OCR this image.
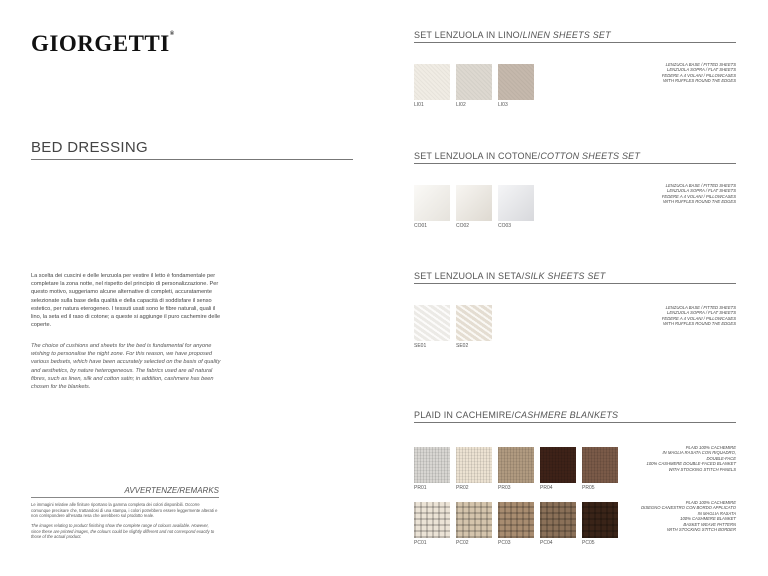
GIORGETTI®
BED DRESSING
La scelta dei cuscini e delle lenzuola per vestire il letto è fondamentale per completare la zona notte, nel rispetto del principio di personalizzazione. Per questo motivo, suggeriamo alcune alternative di completi, accuratamente selezionate sulla base della qualità e della capacità di soddisfare il senso estetico, per natura eterogeneo. I tessuti usati sono le fibre naturali, quali il lino, la seta ed il raso di cotone; a queste si aggiunge il puro cachemire delle coperte.
The choice of cushions and sheets for the bed is fundamental for anyone wishing to personalise the night zone. For this reason, we have proposed various bedsets, which have been accurately selected on the basis of quality and aesthetics, by nature heterogeneous. The fabrics used are all natural fibres, such as linen, silk and cotton satin; in addition, cashmere has been chosen for the blankets.
AVVERTENZE/REMARKS
Le immagini relative alle finiture riportano la gamma completa dei colori disponibili. Occorre comunque precisare che, trattandosi di una stampa, i colori potrebbero essere leggermente alterati e non corrispondere all'esatta resa che avrebbero sul prodotto reale.
The images relating to product finishing show the complete range of colours available. However, since these are printed images, the colours could be slightly different and not correspond exactly to those of the actual product.
SET LENZUOLA IN LINO/LINEN SHEETS SET
LENZUOLA BASE / FITTED SHEETS
LENZUOLA SOPRA / FLAT SHEETS
FEDERE A 4 VOLANI / PILLOWCASES
WITH RUFFLES ROUND THE EDGES
LI01	LI02	LI03
SET LENZUOLA IN COTONE/COTTON SHEETS SET
LENZUOLA BASE / FITTED SHEETS
LENZUOLA SOPRA / FLAT SHEETS
FEDERE A 4 VOLANI / PILLOWCASES
WITH RUFFLES ROUND THE EDGES
CO01	CO02	CO03
SET LENZUOLA IN SETA/SILK SHEETS SET
LENZUOLA BASE / FITTED SHEETS
LENZUOLA SOPRA / FLAT SHEETS
FEDERE A 4 VOLANI / PILLOWCASES
WITH RUFFLES ROUND THE EDGES
SE01	SE02
PLAID IN CACHEMIRE/CASHMERE BLANKETS
PLAID 100% CACHEMIRE
IN MAGLIA RASATA CON RIQUADRO,
DOUBLE-FACE
100% CASHMERE DOUBLE-FACED BLANKET
WITH STOCKING STITCH PANELS
PR01	PR02	PR03	PR04	PR05
PLAID 100% CACHEMIRE
DISEGNO CANESTRO CON BORDO APPLICATO
IN MAGLIA RASATA
100% CASHMERE BLANKET
BASKET WEAVE PATTERN
WITH STOCKING STITCH BORDER
PC01	PC02	PC03	PC04	PC05
